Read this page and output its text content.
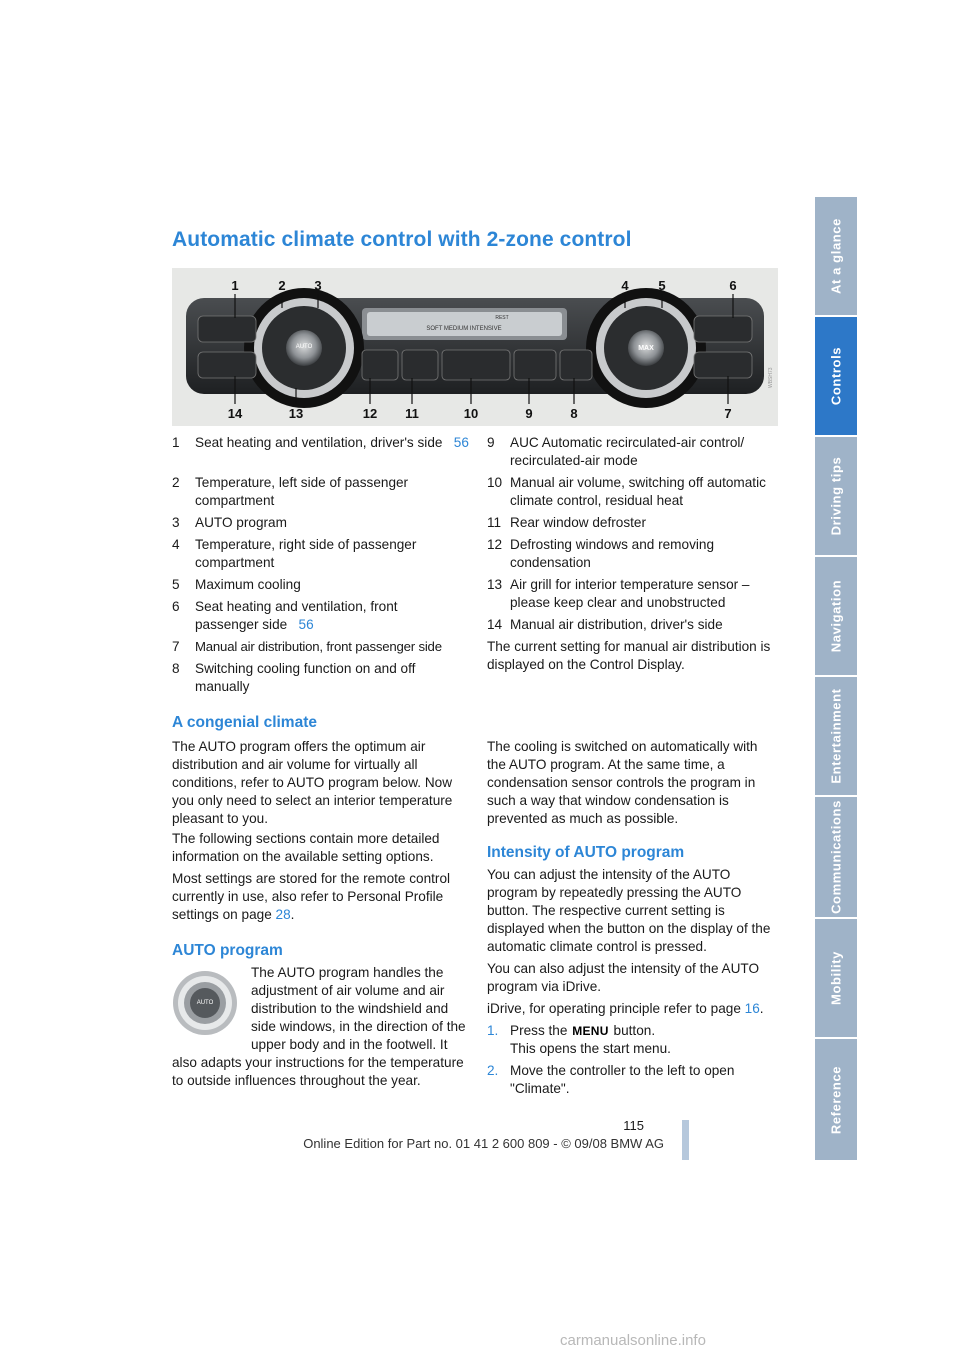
Automatic climate control with 2-zone control
SOFT MEDIUM INTENSIVE
REST
AUTO	MAX
1	2 3	4 5	6
14	13	12 11	10	9	8	7
WBSH73
1 Seat heating and ventilation, driver's side 56
2 Temperature, left side of passenger compartment
3 AUTO program
4 Temperature, right side of passenger compartment
5 Maximum cooling
6 Seat heating and ventilation, front passenger side 56
7 Manual air distribution, front passenger side
8 Switching cooling function on and off manually
9 AUC Automatic recirculated-air control/ recirculated-air mode
10 Manual air volume, switching off automatic climate control, residual heat
11 Rear window defroster
12 Defrosting windows and removing condensation
13 Air grill for interior temperature sensor – please keep clear and unobstructed
14 Manual air distribution, driver's side
The current setting for manual air distribution is displayed on the Control Display.
A congenial climate
The AUTO program offers the optimum air distribution and air volume for virtually all conditions, refer to AUTO program below. Now you only need to select an interior temperature pleasant to you.
The following sections contain more detailed information on the available setting options.
Most settings are stored for the remote control currently in use, also refer to Personal Profile settings on page 28.
AUTO program
AUTO
The AUTO program handles the adjustment of air volume and air distribution to the windshield and side windows, in the direction of the upper body and in the footwell. It also adapts your instructions for the temperature to outside influences throughout the year.
The cooling is switched on automatically with the AUTO program. At the same time, a condensation sensor controls the program in such a way that window condensation is prevented as much as possible.
Intensity of AUTO program
You can adjust the intensity of the AUTO program by repeatedly pressing the AUTO button. The respective current setting is displayed when the button on the display of the automatic climate control is pressed.
You can also adjust the intensity of the AUTO program via iDrive.
iDrive, for operating principle refer to page 16.
1. Press the MENU button.
This opens the start menu.
2. Move the controller to the left to open "Climate".
At a glance
Controls
Driving tips
Navigation
Entertainment
Communications
Mobility
Reference
115
Online Edition for Part no. 01 41 2 600 809 - © 09/08 BMW AG
carmanualsonline.info
